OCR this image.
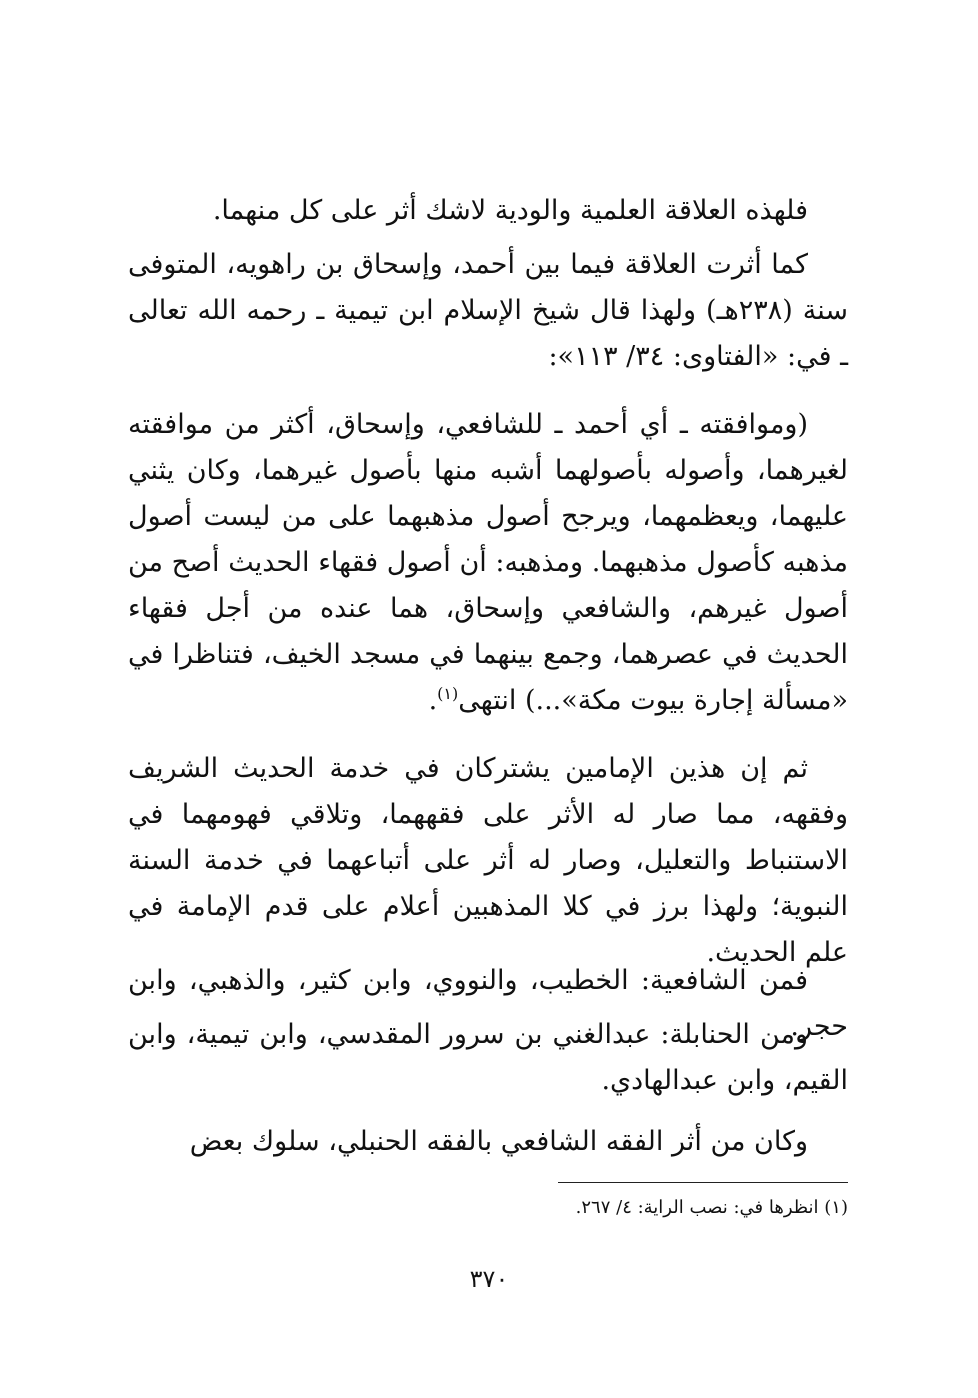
فلهذه العلاقة العلمية والودية لاشك أثر على كل منهما.

كما أثرت العلاقة فيما بين أحمد، وإسحاق بن راهويه، المتوفى سنة (٢٣٨هـ) ولهذا قال شيخ الإسلام ابن تيمية ـ رحمه الله تعالى ـ في: «الفتاوى: ٣٤/ ١١٣»:

(وموافقته ـ أي أحمد ـ للشافعي، وإسحاق، أكثر من موافقته لغيرهما، وأصوله بأصولهما أشبه منها بأصول غيرهما، وكان يثني عليهما، ويعظمهما، ويرجح أصول مذهبهما على من ليست أصول مذهبه كأصول مذهبهما. ومذهبه: أن أصول فقهاء الحديث أصح من أصول غيرهم، والشافعي وإسحاق، هما عنده من أجل فقهاء الحديث في عصرهما، وجمع بينهما في مسجد الخيف، فتناظرا في «مسألة إجارة بيوت مكة»...) انتهى$^{(١)}$.

ثم إن هذين الإمامين يشتركان في خدمة الحديث الشريف وفقهه، مما صار له الأثر على فقههما، وتلاقي فهومهما في الاستنباط والتعليل، وصار له أثر على أتباعهما في خدمة السنة النبوية؛ ولهذا برز في كلا المذهبين أعلام على قدم الإمامة في علم الحديث.

فمن الشافعية: الخطيب، والنووي، وابن كثير، والذهبي، وابن حجر.

ومن الحنابلة: عبدالغني بن سرور المقدسي، وابن تيمية، وابن القيم، وابن عبدالهادي.

وكان من أثر الفقه الشافعي بالفقه الحنبلي، سلوك بعض

(١) انظرها في: نصب الراية: ٤/ ٢٦٧.
٣٧٠
